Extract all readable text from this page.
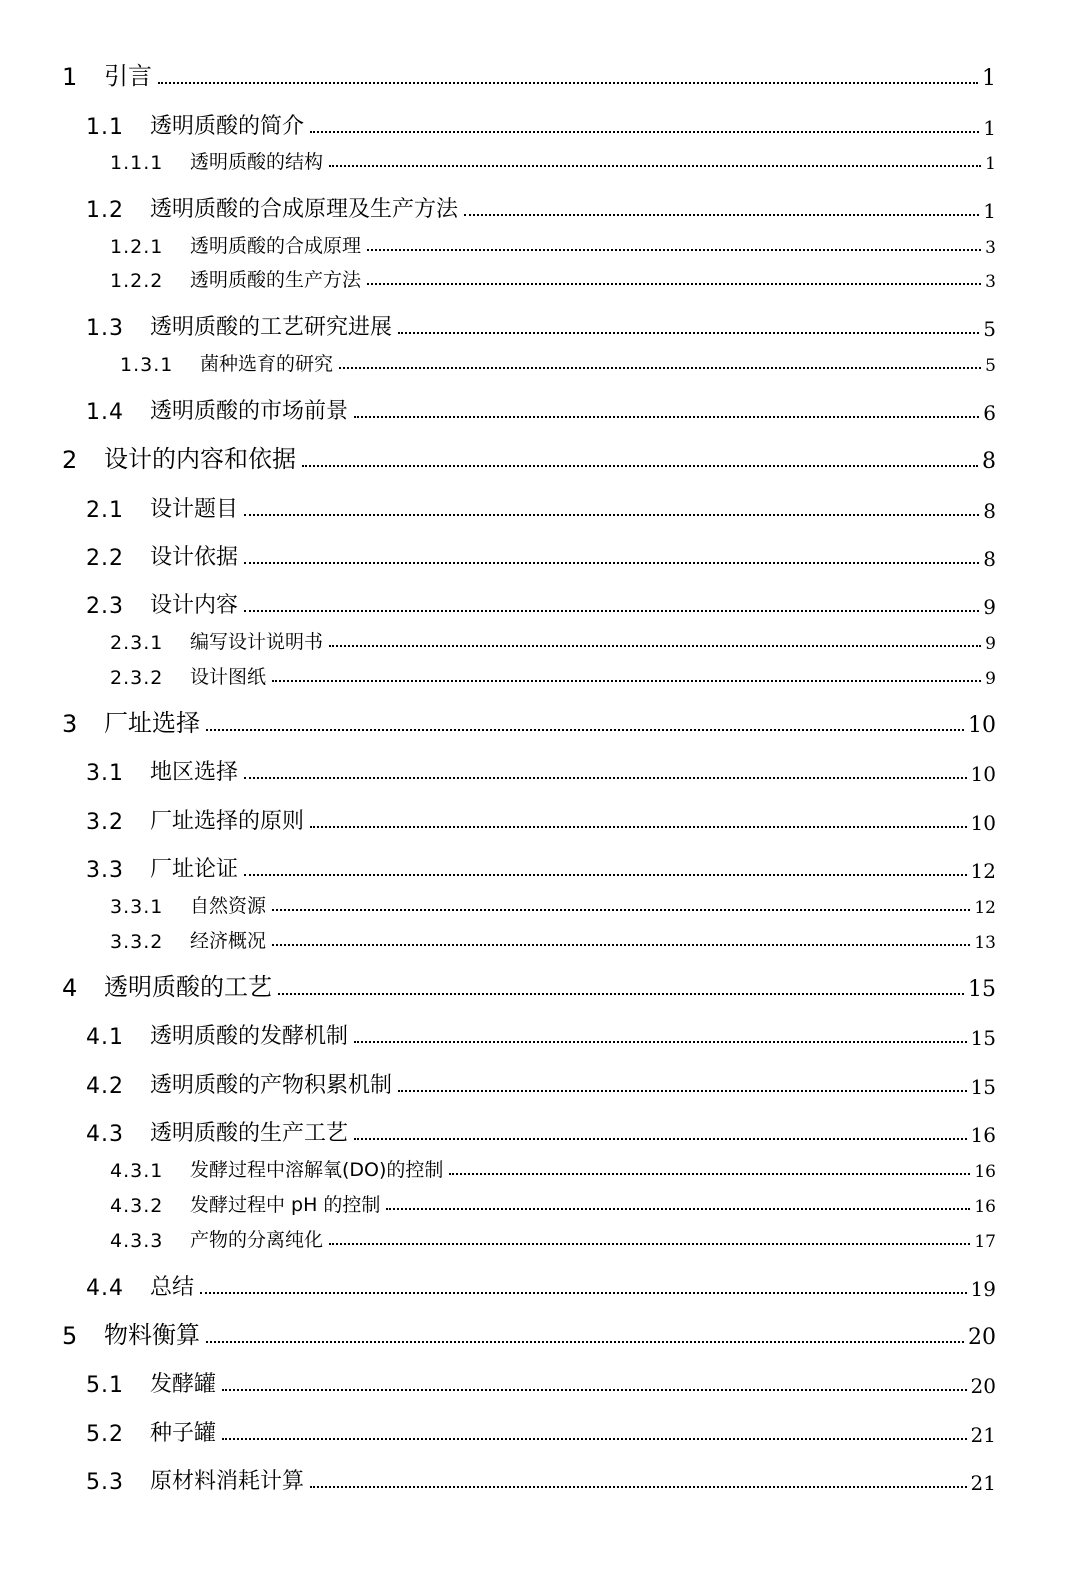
1	引言	1
1.1	透明质酸的简介	1
1.1.1	透明质酸的结构	1
1.2	透明质酸的合成原理及生产方法	1
1.2.1	透明质酸的合成原理	3
1.2.2	透明质酸的生产方法	3
1.3	透明质酸的工艺研究进展	5
1.3.1	菌种选育的研究	5
1.4	透明质酸的市场前景	6
2	设计的内容和依据	8
2.1	设计题目	8
2.2	设计依据	8
2.3	设计内容	9
2.3.1	编写设计说明书	9
2.3.2	设计图纸	9
3	厂址选择	10
3.1	地区选择	10
3.2	厂址选择的原则	10
3.3	厂址论证	12
3.3.1	自然资源	12
3.3.2	经济概况	13
4	透明质酸的工艺	15
4.1	透明质酸的发酵机制	15
4.2	透明质酸的产物积累机制	15
4.3	透明质酸的生产工艺	16
4.3.1	发酵过程中溶解氧(DO)的控制	16
4.3.2	发酵过程中 pH 的控制	16
4.3.3	产物的分离纯化	17
4.4	总结	19
5	物料衡算	20
5.1	发酵罐	20
5.2	种子罐	21
5.3	原材料消耗计算	21
